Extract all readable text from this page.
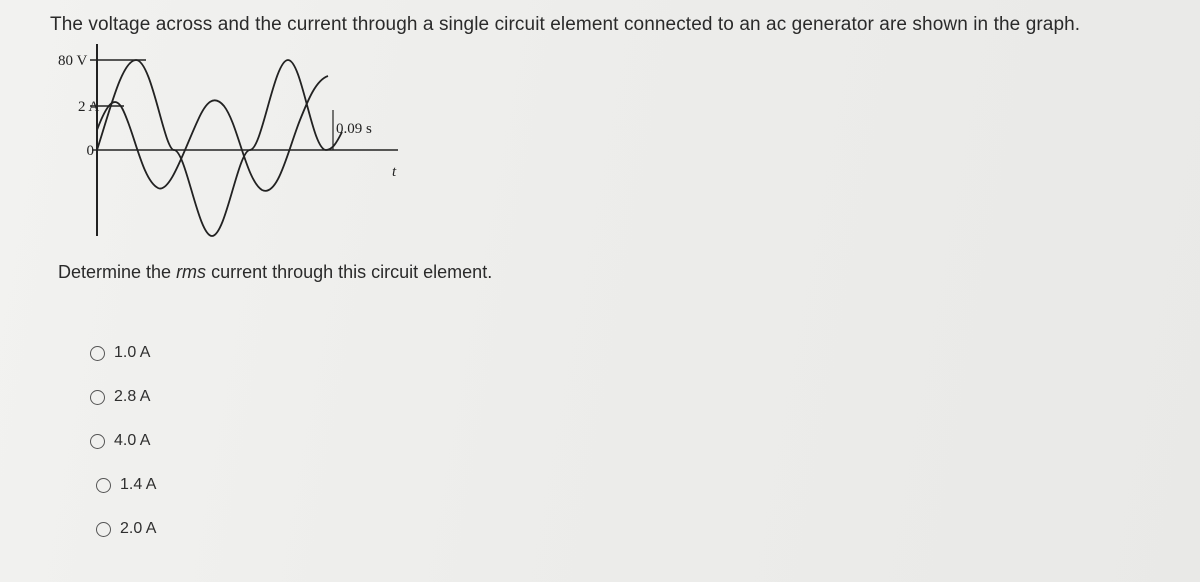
The voltage across and the current through a single circuit element connected to an ac generator are shown in the graph.
80 V
2 A
0
0.09 s
t
Determine the rms current through this circuit element.
1.0 A
2.8 A
4.0 A
1.4 A
2.0 A
